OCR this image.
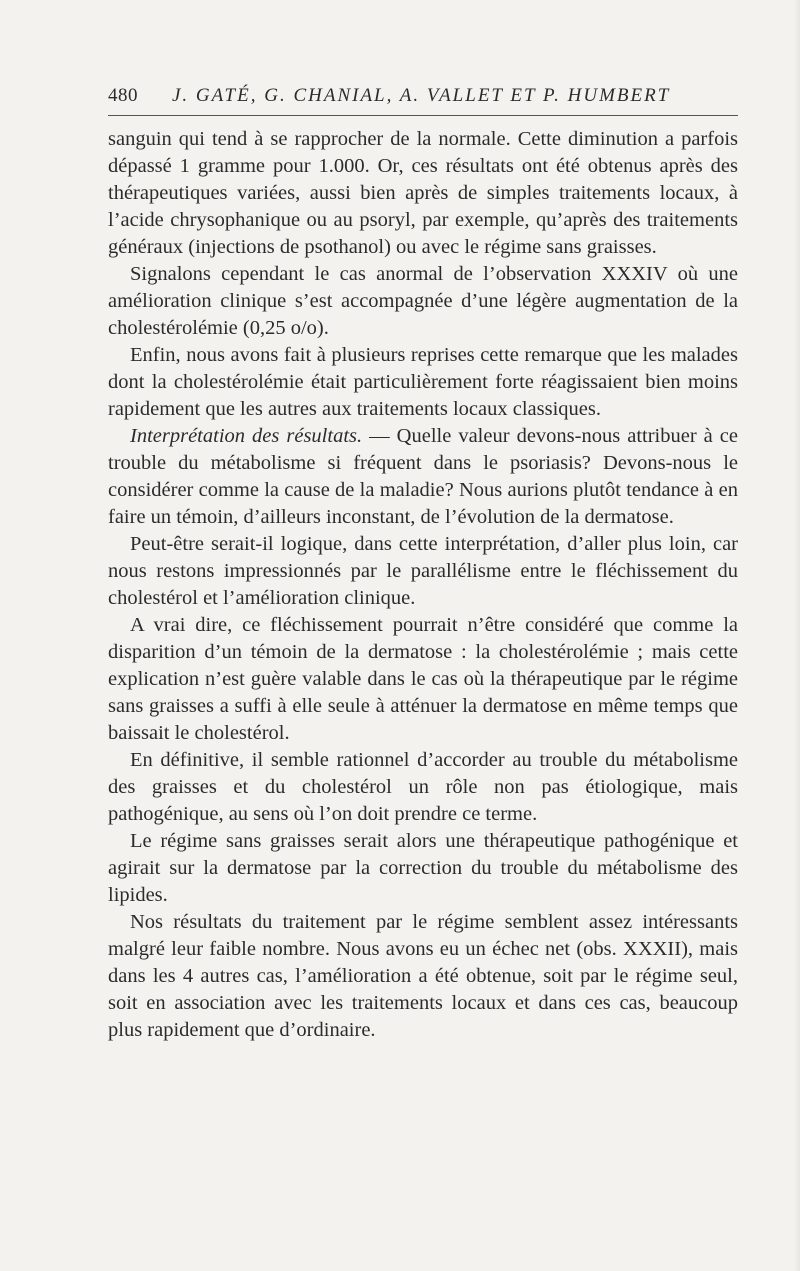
480 J. GATÉ, G. CHANIAL, A. VALLET ET P. HUMBERT

sanguin qui tend à se rapprocher de la normale. Cette diminution a parfois dépassé 1 gramme pour 1.000. Or, ces résultats ont été obtenus après des thérapeutiques variées, aussi bien après de simples traitements locaux, à l’acide chrysophanique ou au psoryl, par exemple, qu’après des traitements généraux (injections de psothanol) ou avec le régime sans graisses.

Signalons cependant le cas anormal de l’observation XXXIV où une amélioration clinique s’est accompagnée d’une légère augmentation de la cholestérolémie (0,25 o/o).

Enfin, nous avons fait à plusieurs reprises cette remarque que les malades dont la cholestérolémie était particulièrement forte réagissaient bien moins rapidement que les autres aux traitements locaux classiques.

Interprétation des résultats. — Quelle valeur devons-nous attribuer à ce trouble du métabolisme si fréquent dans le psoriasis? Devons-nous le considérer comme la cause de la maladie? Nous aurions plutôt tendance à en faire un témoin, d’ailleurs inconstant, de l’évolution de la dermatose.

Peut-être serait-il logique, dans cette interprétation, d’aller plus loin, car nous restons impressionnés par le parallélisme entre le fléchissement du cholestérol et l’amélioration clinique.

A vrai dire, ce fléchissement pourrait n’être considéré que comme la disparition d’un témoin de la dermatose : la cholestérolémie ; mais cette explication n’est guère valable dans le cas où la thérapeutique par le régime sans graisses a suffi à elle seule à atténuer la dermatose en même temps que baissait le cholestérol.

En définitive, il semble rationnel d’accorder au trouble du métabolisme des graisses et du cholestérol un rôle non pas étiologique, mais pathogénique, au sens où l’on doit prendre ce terme.

Le régime sans graisses serait alors une thérapeutique pathogénique et agirait sur la dermatose par la correction du trouble du métabolisme des lipides.

Nos résultats du traitement par le régime semblent assez intéressants malgré leur faible nombre. Nous avons eu un échec net (obs. XXXII), mais dans les 4 autres cas, l’amélioration a été obtenue, soit par le régime seul, soit en association avec les traitements locaux et dans ces cas, beaucoup plus rapidement que d’ordinaire.
